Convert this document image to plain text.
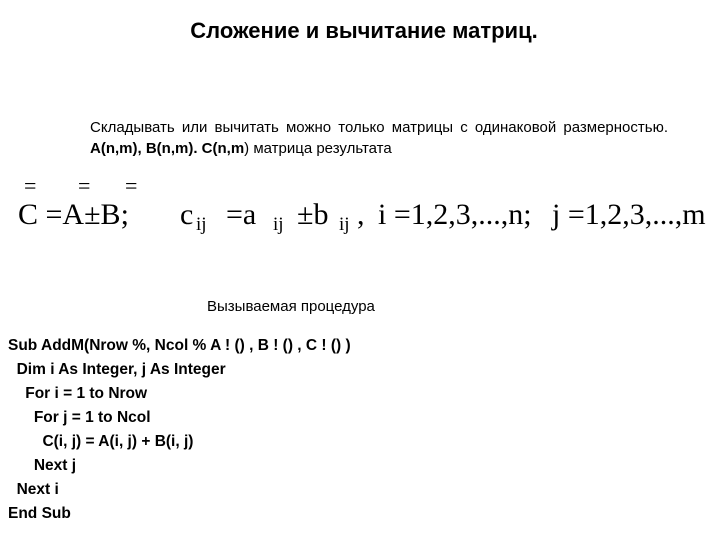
Сложение и вычитание матриц.
Складывать или вычитать можно только матрицы с одинаковой размерностью. A(n,m), B(n,m). C(n,m) матрица результата
= = =
C =A±B; c ij =a ij ±b ij , i =1,2,3,...,n; j =1,2,3,...,m
Вызываемая процедура
Sub AddM(Nrow %, Ncol % A ! () , B ! () , C ! () )
Dim i As Integer, j As Integer
For i = 1 to Nrow
For j = 1 to Ncol
C(i, j) = A(i, j) + B(i, j)
Next j
Next i
End Sub
